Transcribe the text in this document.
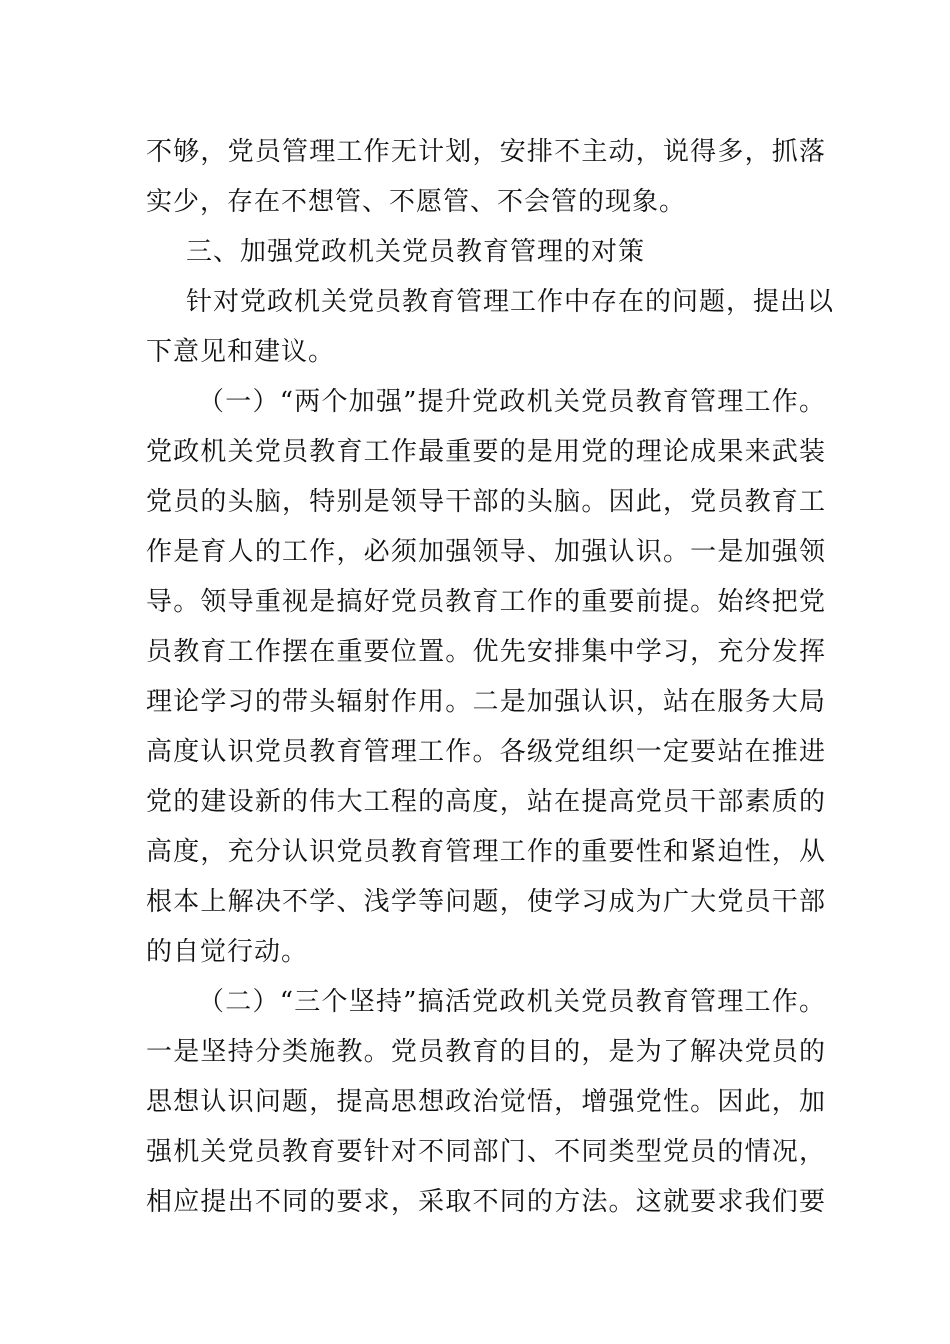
不够，党员管理工作无计划，安排不主动，说得多，抓落
实少，存在不想管、不愿管、不会管的现象。
三、加强党政机关党员教育管理的对策
针对党政机关党员教育管理工作中存在的问题，提出以
下意见和建议。
（一）“两个加强”提升党政机关党员教育管理工作。
党政机关党员教育工作最重要的是用党的理论成果来武装
党员的头脑，特别是领导干部的头脑。因此，党员教育工
作是育人的工作，必须加强领导、加强认识。一是加强领
导。领导重视是搞好党员教育工作的重要前提。始终把党
员教育工作摆在重要位置。优先安排集中学习，充分发挥
理论学习的带头辐射作用。二是加强认识，站在服务大局
高度认识党员教育管理工作。各级党组织一定要站在推进
党的建设新的伟大工程的高度，站在提高党员干部素质的
高度，充分认识党员教育管理工作的重要性和紧迫性，从
根本上解决不学、浅学等问题，使学习成为广大党员干部
的自觉行动。
（二）“三个坚持”搞活党政机关党员教育管理工作。
一是坚持分类施教。党员教育的目的，是为了解决党员的
思想认识问题，提高思想政治觉悟，增强党性。因此，加
强机关党员教育要针对不同部门、不同类型党员的情况，
相应提出不同的要求，采取不同的方法。这就要求我们要
